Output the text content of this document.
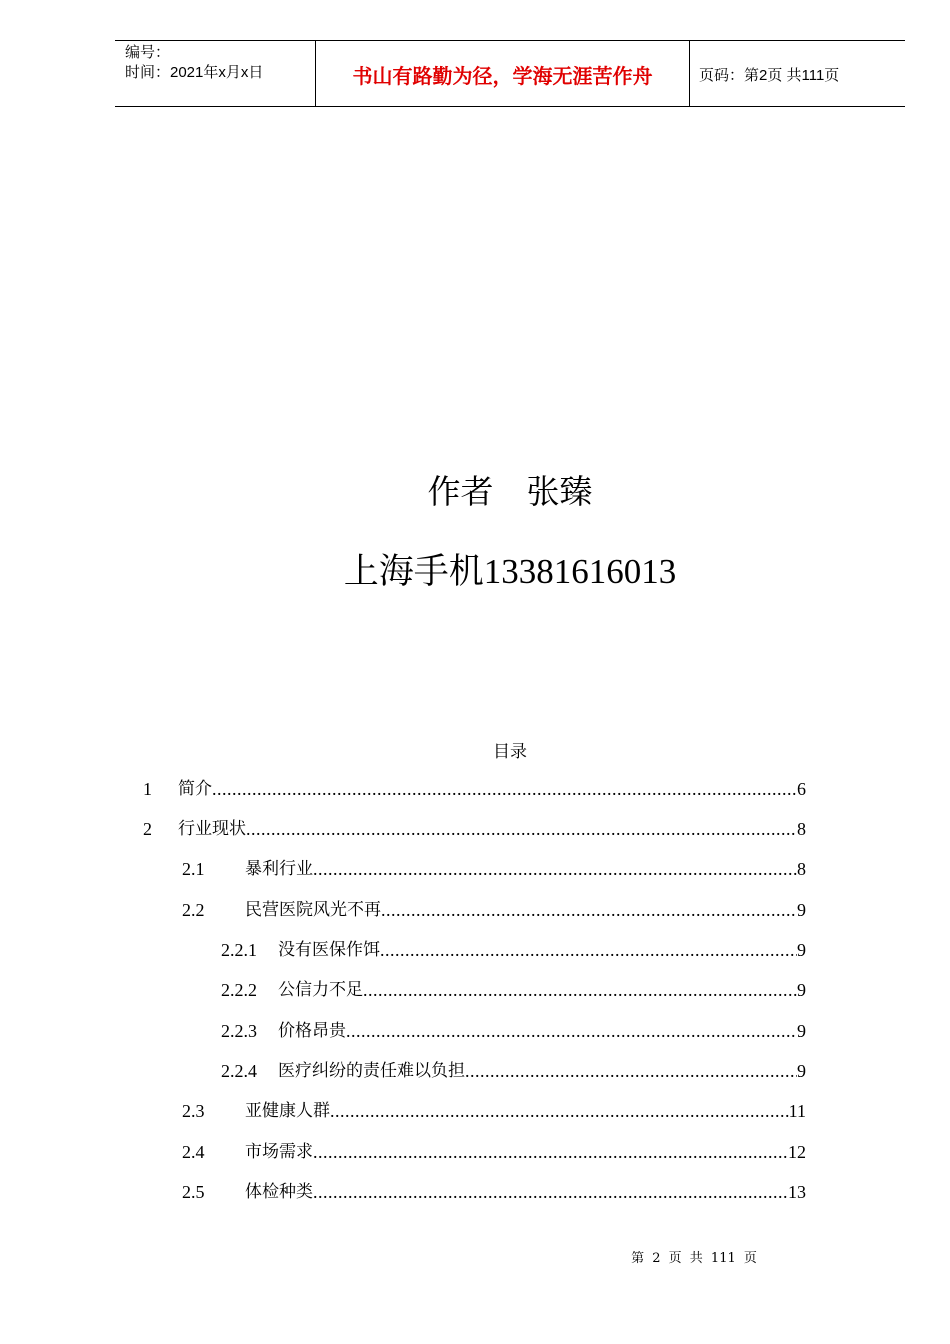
编号：
时间：2021年x月x日	书山有路勤为径，学海无涯苦作舟	页码：第2页 共111页
作者　张臻
上海手机13381616013
目录
1	简介 .....	6
2	行业现状 .....	8
2.1	暴利行业 .....	8
2.2	民营医院风光不再 .....	9
2.2.1	没有医保作饵 .....	9
2.2.2	公信力不足 .....	9
2.2.3	价格昂贵 .....	9
2.2.4	医疗纠纷的责任难以负担 .....	9
2.3	亚健康人群 .....	11
2.4	市场需求 .....	12
2.5	体检种类 .....	13
第 2 页 共 111 页
